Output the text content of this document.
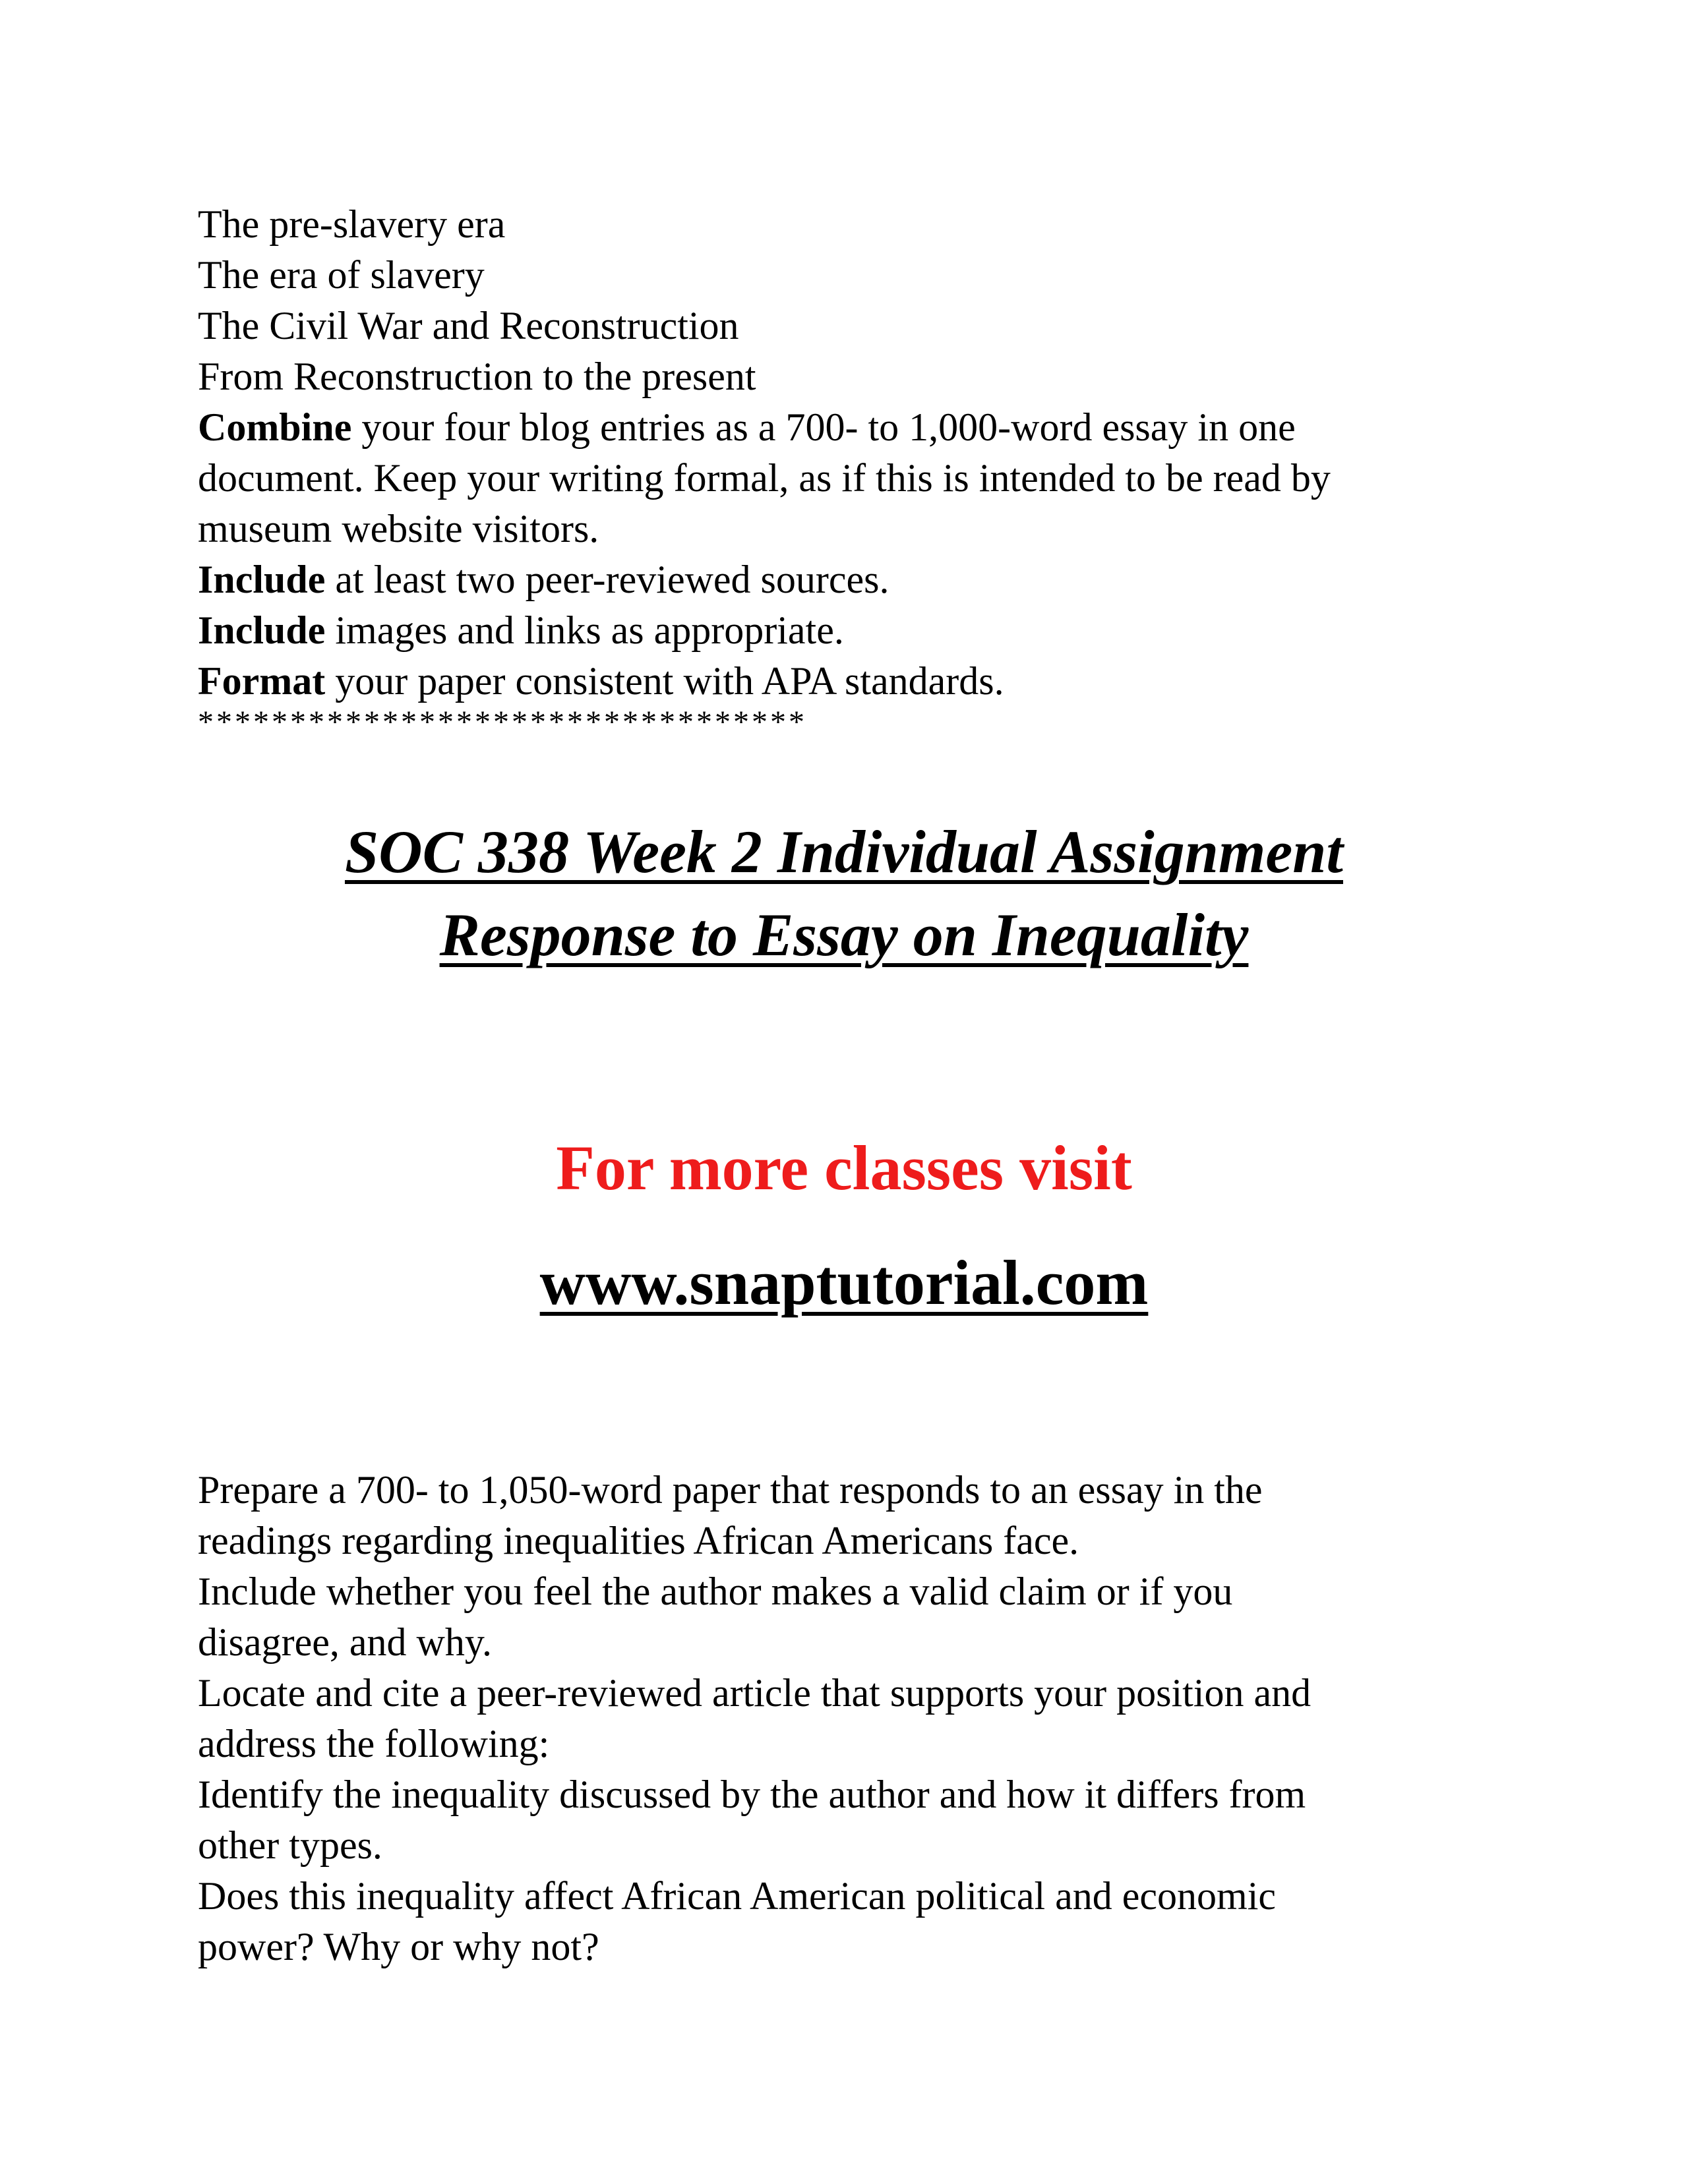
The pre-slavery era
The era of slavery
The Civil War and Reconstruction
From Reconstruction to the present
Combine your four blog entries as a 700- to 1,000-word essay in one
document. Keep your writing formal, as if this is intended to be read by
museum website visitors.
Include at least two peer-reviewed sources.
Include images and links as appropriate.
Format your paper consistent with APA standards.
*********************************
SOC 338 Week 2 Individual Assignment
Response to Essay on Inequality
For more classes visit
www.snaptutorial.com
Prepare a 700- to 1,050-word paper that responds to an essay in the
readings regarding inequalities African Americans face.
Include whether you feel the author makes a valid claim or if you
disagree, and why.
Locate and cite a peer-reviewed article that supports your position and
address the following:
Identify the inequality discussed by the author and how it differs from
other types.
Does this inequality affect African American political and economic
power? Why or why not?
